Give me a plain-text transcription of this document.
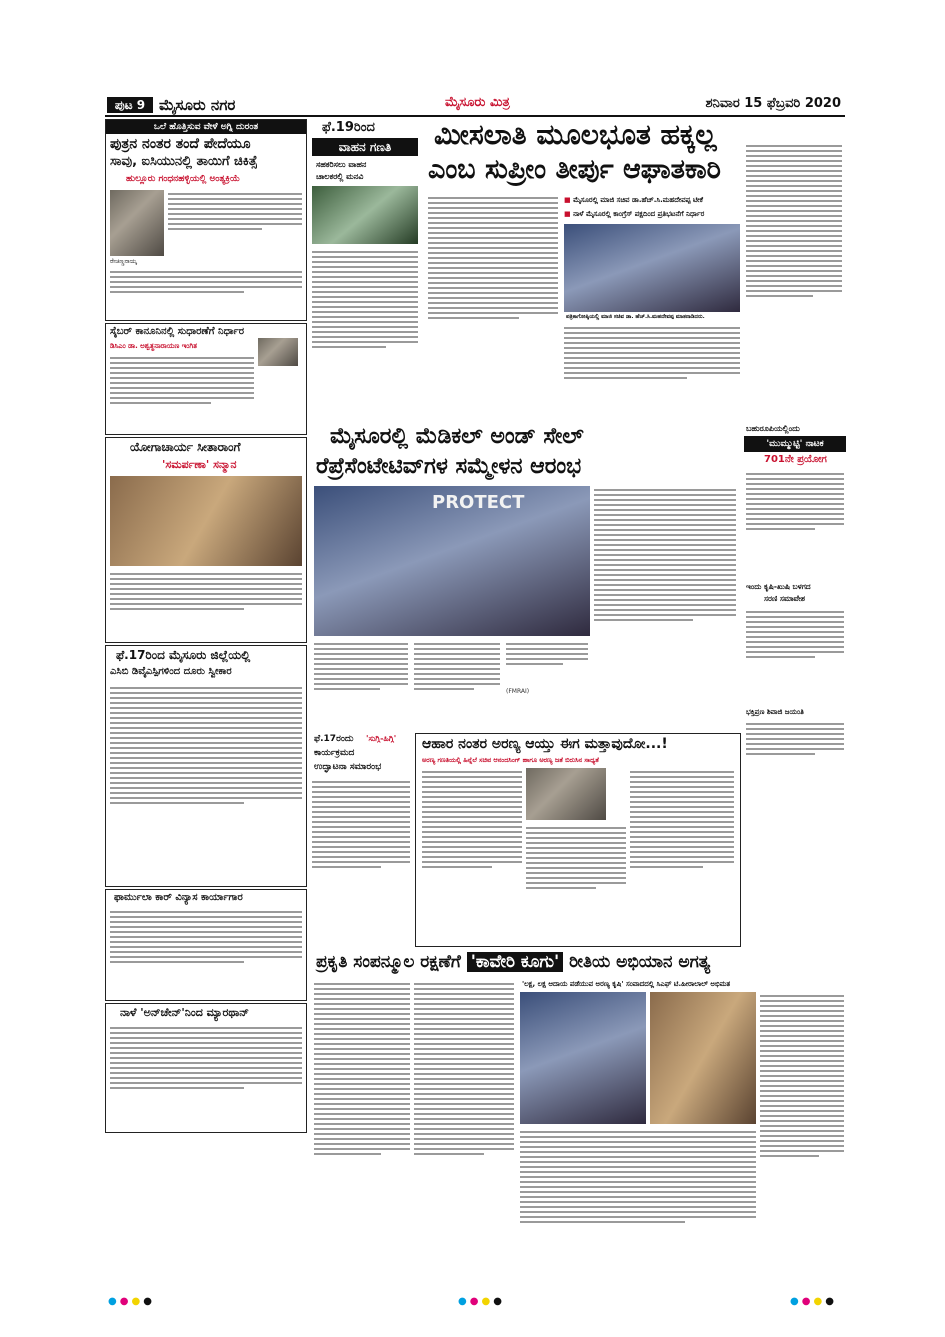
ಪುಟ 9 ಮೈಸೂರು ನಗರ	ಮೈಸೂರು ಮಿತ್ರ	ಶನಿವಾರ 15 ಫೆಬ್ರವರಿ 2020
ಒಲೆ ಹೊತ್ತಿಸುವ ವೇಳೆ ಅಗ್ನಿ ದುರಂತ
ಪುತ್ರನ ನಂತರ ತಂದೆ ಪೇದೆಯೂ
ಸಾವು, ಐಸಿಯುನಲ್ಲಿ ತಾಯಿಗೆ ಚಿಕಿತ್ಸೆ
ಹುಲ್ಲೂರು ಗಂಧನಹಳ್ಳಿಯಲ್ಲಿ ಅಂತ್ಯಕ್ರಿಯೆ
ರೇಚಣ್ಣನಾಯ್ಕ
ಸೈಬರ್ ಕಾನೂನಿನಲ್ಲಿ ಸುಧಾರಣೆಗೆ ನಿರ್ಧಾರ
ಡಿಸಿಎಂ ಡಾ. ಅಶ್ವತ್ಥನಾರಾಯಣ ಇಂಗಿತ
ಯೋಗಾಚಾರ್ಯ ಸೀತಾರಾಂಗೆ
'ಸಮರ್ಪಣಾ' ಸನ್ಮಾನ
ಫೆ.17ರಿಂದ ಮೈಸೂರು ಜಿಲ್ಲೆಯಲ್ಲಿ
ಎಸಿಬಿ ಡಿವೈಎಸ್ಪಿಗಳಿಂದ ದೂರು ಸ್ವೀಕಾರ
ಫಾರ್ಮುಲಾ ಕಾರ್ ವಿನ್ಯಾಸ ಕಾರ್ಯಾಗಾರ
ನಾಳೆ 'ಅನ್‌ಚೇನ್'ನಿಂದ ಮ್ಯಾರಥಾನ್
ಫೆ.19ರಿಂದ
ವಾಹನ ಗಣತಿ
ಸಹಕರಿಸಲು ವಾಹನ
ಚಾಲಕರಲ್ಲಿ ಮನವಿ
ಮೀಸಲಾತಿ ಮೂಲಭೂತ ಹಕ್ಕಲ್ಲ
ಎಂಬ ಸುಪ್ರೀಂ ತೀರ್ಪು ಆಘಾತಕಾರಿ
■ ಮೈಸೂರಲ್ಲಿ ಮಾಜಿ ಸಚಿವ ಡಾ.ಹೆಚ್.ಸಿ.ಮಹದೇವಪ್ಪ ಟೀಕೆ
■ ನಾಳೆ ಮೈಸೂರಲ್ಲಿ ಕಾಂಗ್ರೆಸ್ ಪಕ್ಷದಿಂದ ಪ್ರತಿಭಟನೆಗೆ ನಿರ್ಧಾರ
ಪತ್ರಿಕಾಗೋಷ್ಠಿಯಲ್ಲಿ ಮಾಜಿ ಸಚಿವ ಡಾ. ಹೆಚ್.ಸಿ.ಮಹದೇವಪ್ಪ ಮಾತನಾಡಿದರು.
ಮೈಸೂರಲ್ಲಿ ಮೆಡಿಕಲ್ ಅಂಡ್ ಸೇಲ್
ರೆಪ್ರೆಸೆಂಟೇಟಿವ್‌ಗಳ ಸಮ್ಮೇಳನ ಆರಂಭ
PROTECT
(FMRAI)
ಬಹುರೂಪಿಯಲ್ಲಿಂದು
'ಮುಮ್ಮುಟ್ಟಿ' ನಾಟಕ
701ನೇ ಪ್ರಯೋಗ
ಇಂದು ಕೃಷಿ-ಖುಷಿ ಬಳಗದ
ಸರಣಿ ಸಮಾವೇಶ
ಭಕ್ತಿಪ್ರಣ ಶಿವಾಜಿ ಜಯಂತಿ
ಫೆ.17ರಂದು 'ಸುಗ್ಗಿ-ಹಿಗ್ಗಿ'
ಕಾರ್ಯಕ್ರಮದ
ಉದ್ಘಾಟನಾ ಸಮಾರಂಭ
ಆಹಾರ ನಂತರ ಅರಣ್ಯ ಆಯ್ತು ಈಗ ಮತ್ತಾವುದೋ...!
ಅರಣ್ಯ ಗಣತಿಯಲ್ಲಿ ಹಿನ್ನೆಲೆ ಸಚಿವ ಆನಂದಸಿಂಗ್ ಹಾಗೂ ಅರಣ್ಯ ಜತೆ ಬಿರುಸಿನ ಸಾಧ್ಯತೆ
ಪ್ರಕೃತಿ ಸಂಪನ್ಮೂಲ ರಕ್ಷಣೆಗೆ 'ಕಾವೇರಿ ಕೂಗು' ರೀತಿಯ ಅಭಿಯಾನ ಅಗತ್ಯ
'ಲಕ್ಷ, ಲಕ್ಷ ಆದಾಯ ಪಡೆಯುವ ಅರಣ್ಯ ಕೃಷಿ' ಸಂವಾದದಲ್ಲಿ ಸಿಎಫ್ ಟಿ.ಹೀರಾಲಾಲ್ ಅಭಿಮತ
●●●●	●●●●	●●●●
